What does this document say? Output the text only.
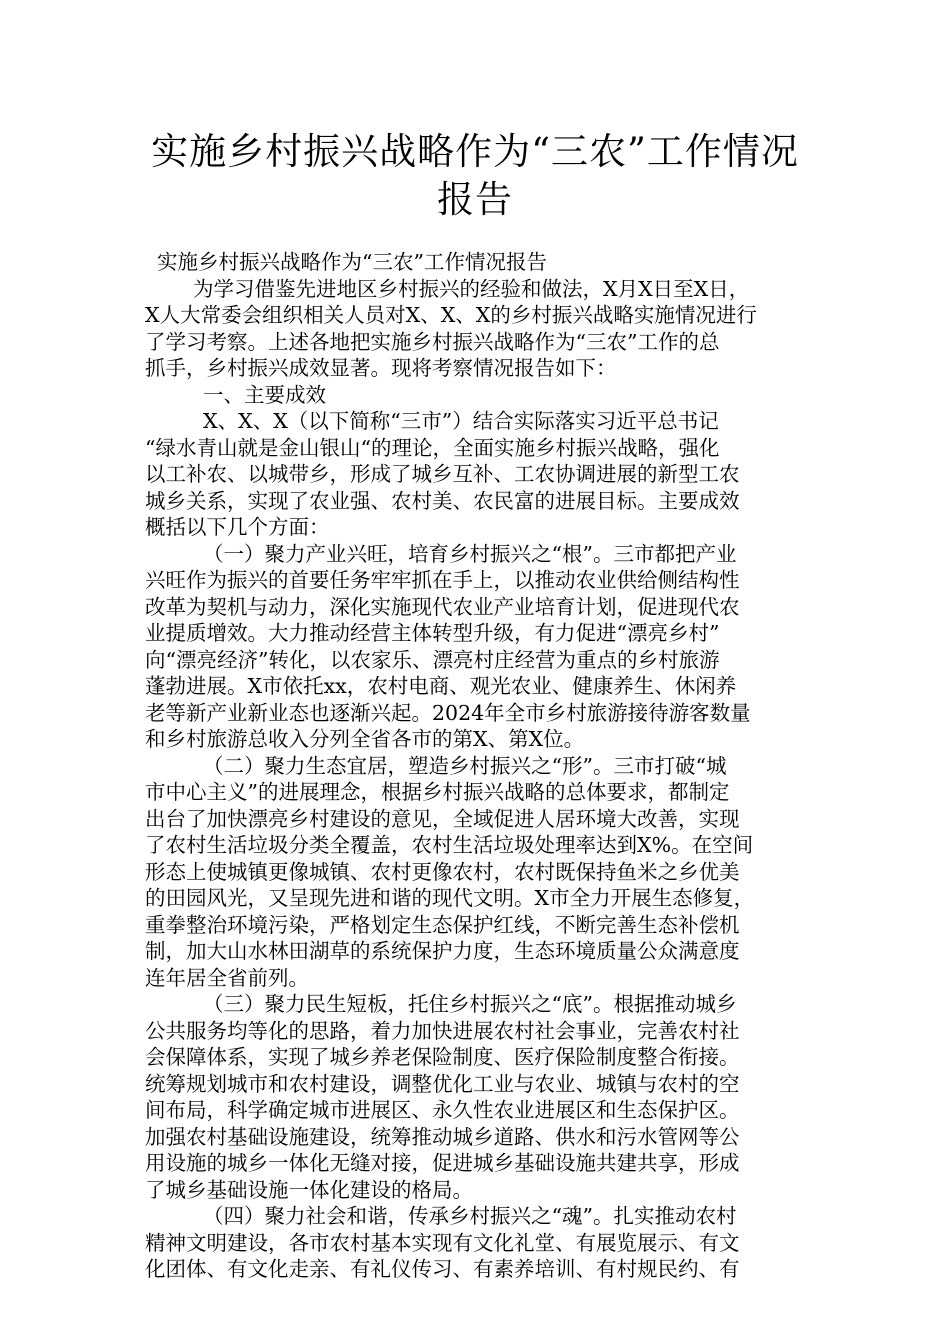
实施乡村振兴战略作为“三农”工作情况
报告
实施乡村振兴战略作为“三农”工作情况报告
为学习借鉴先进地区乡村振兴的经验和做法，X月X日至X日，
X人大常委会组织相关人员对X、X、X的乡村振兴战略实施情况进行
了学习考察。上述各地把实施乡村振兴战略作为“三农”工作的总
抓手，乡村振兴成效显著。现将考察情况报告如下：
一、主要成效
X、X、X（以下简称“三市”）结合实际落实习近平总书记
“绿水青山就是金山银山“的理论，全面实施乡村振兴战略，强化
以工补农、以城带乡，形成了城乡互补、工农协调进展的新型工农
城乡关系，实现了农业强、农村美、农民富的进展目标。主要成效
概括以下几个方面：
（一）聚力产业兴旺，培育乡村振兴之“根”。三市都把产业
兴旺作为振兴的首要任务牢牢抓在手上，以推动农业供给侧结构性
改革为契机与动力，深化实施现代农业产业培育计划，促进现代农
业提质增效。大力推动经营主体转型升级，有力促进“漂亮乡村”
向“漂亮经济”转化，以农家乐、漂亮村庄经营为重点的乡村旅游
蓬勃进展。X市依托xx，农村电商、观光农业、健康养生、休闲养
老等新产业新业态也逐渐兴起。2024年全市乡村旅游接待游客数量
和乡村旅游总收入分列全省各市的第X、第X位。
（二）聚力生态宜居，塑造乡村振兴之“形”。三市打破“城
市中心主义”的进展理念，根据乡村振兴战略的总体要求，都制定
出台了加快漂亮乡村建设的意见，全域促进人居环境大改善，实现
了农村生活垃圾分类全覆盖，农村生活垃圾处理率达到X%。在空间
形态上使城镇更像城镇、农村更像农村，农村既保持鱼米之乡优美
的田园风光，又呈现先进和谐的现代文明。X市全力开展生态修复，
重拳整治环境污染，严格划定生态保护红线，不断完善生态补偿机
制，加大山水林田湖草的系统保护力度，生态环境质量公众满意度
连年居全省前列。
（三）聚力民生短板，托住乡村振兴之“底”。根据推动城乡
公共服务均等化的思路，着力加快进展农村社会事业，完善农村社
会保障体系，实现了城乡养老保险制度、医疗保险制度整合衔接。
统筹规划城市和农村建设，调整优化工业与农业、城镇与农村的空
间布局，科学确定城市进展区、永久性农业进展区和生态保护区。
加强农村基础设施建设，统筹推动城乡道路、供水和污水管网等公
用设施的城乡一体化无缝对接，促进城乡基础设施共建共享，形成
了城乡基础设施一体化建设的格局。
（四）聚力社会和谐，传承乡村振兴之“魂”。扎实推动农村
精神文明建设，各市农村基本实现有文化礼堂、有展览展示、有文
化团体、有文化走亲、有礼仪传习、有素养培训、有村规民约、有
